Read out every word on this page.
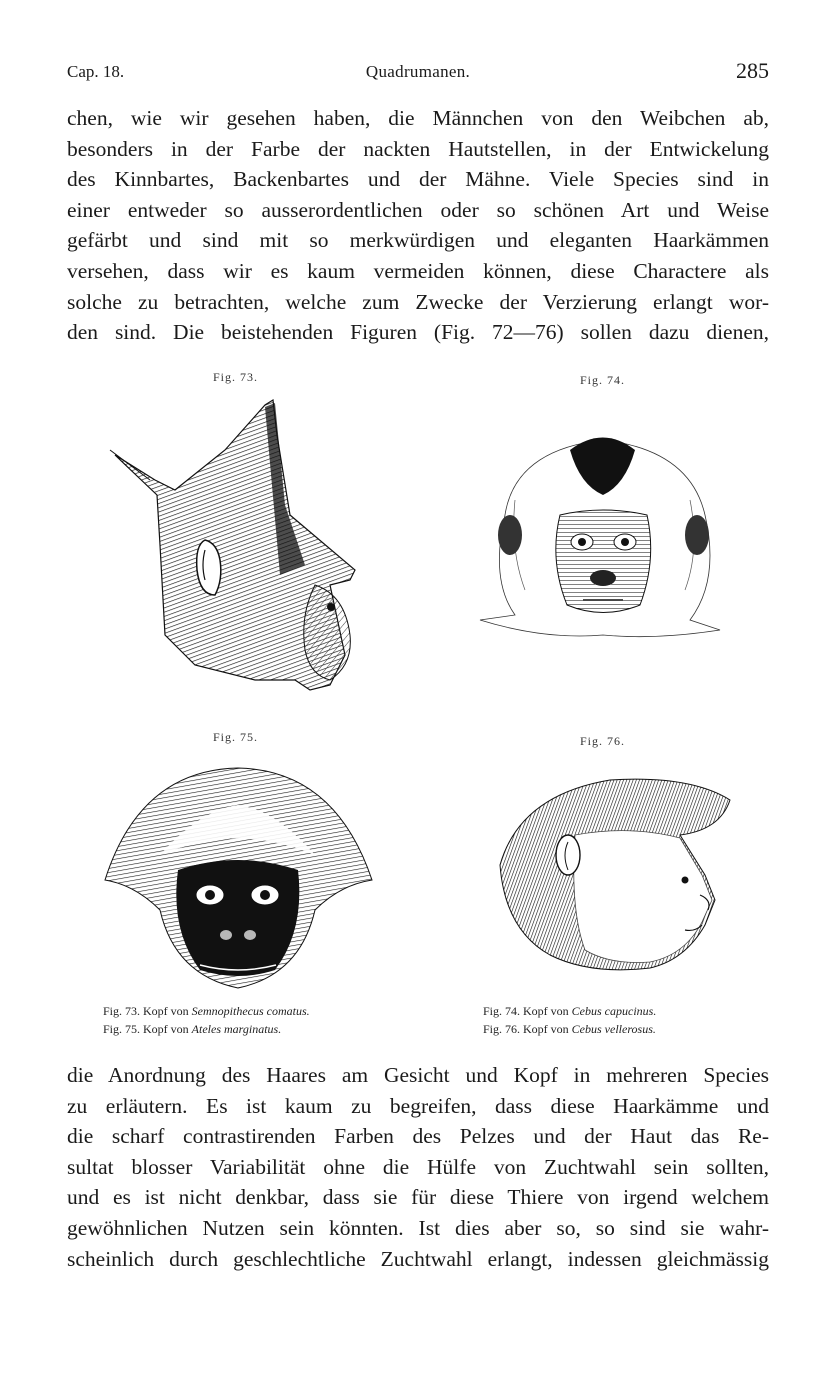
Cap. 18.	Quadrumanen.	285
chen, wie wir gesehen haben, die Männchen von den Weibchen ab,
besonders in der Farbe der nackten Hautstellen, in der Entwickelung
des Kinnbartes, Backenbartes und der Mähne. Viele Species sind in
einer entweder so ausserordentlichen oder so schönen Art und Weise
gefärbt und sind mit so merkwürdigen und eleganten Haarkämmen
versehen, dass wir es kaum vermeiden können, diese Charactere als
solche zu betrachten, welche zum Zwecke der Verzierung erlangt wor-
den sind. Die beistehenden Figuren (Fig. 72—76) sollen dazu dienen,
Fig. 73.	Fig. 74.
Fig. 75.	Fig. 76.
Fig. 73. Kopf von Semnopithecus comatus.
Fig. 75. Kopf von Ateles marginatus.
Fig. 74. Kopf von Cebus capucinus.
Fig. 76. Kopf von Cebus vellerosus.
die Anordnung des Haares am Gesicht und Kopf in mehreren Species
zu erläutern. Es ist kaum zu begreifen, dass diese Haarkämme und
die scharf contrastirenden Farben des Pelzes und der Haut das Re-
sultat blosser Variabilität ohne die Hülfe von Zuchtwahl sein sollten,
und es ist nicht denkbar, dass sie für diese Thiere von irgend welchem
gewöhnlichen Nutzen sein könnten. Ist dies aber so, so sind sie wahr-
scheinlich durch geschlechtliche Zuchtwahl erlangt, indessen gleichmässig
